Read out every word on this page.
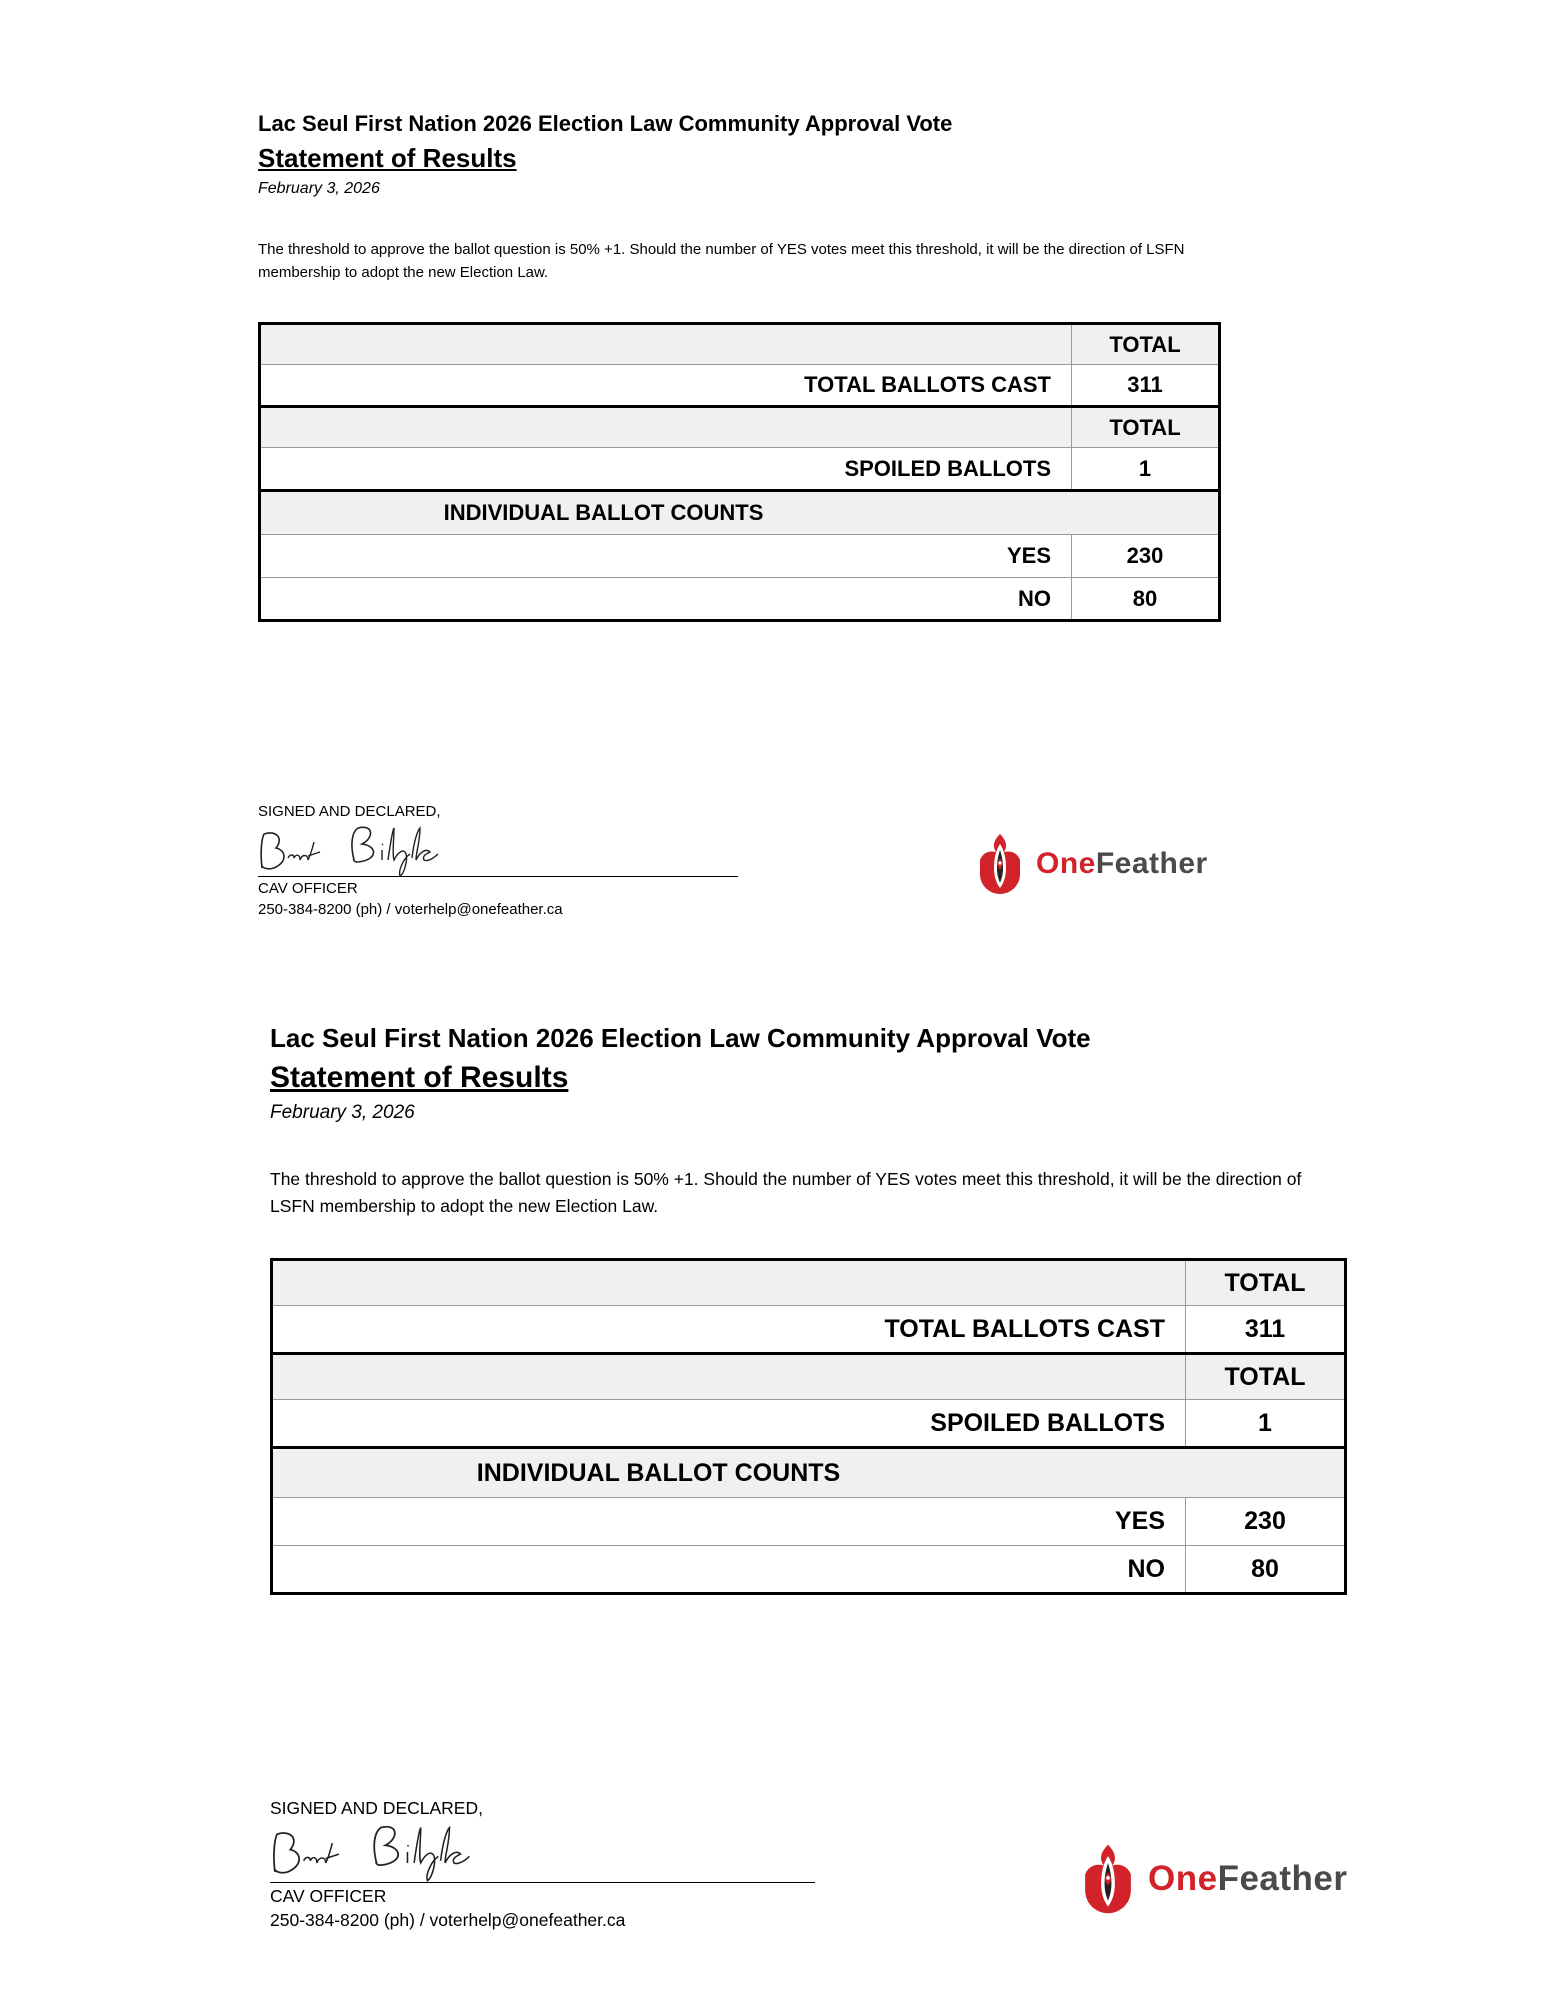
Lac Seul First Nation 2026 Election Law Community Approval Vote
Statement of Results
February 3, 2026
The threshold to approve the ballot question is 50% +1. Should the number of YES votes meet this threshold, it will be the direction of LSFN membership to adopt the new Election Law.
	TOTAL
TOTAL BALLOTS CAST	311
	TOTAL
SPOILED BALLOTS	1
INDIVIDUAL BALLOT COUNTS	
YES	230
NO	80
SIGNED AND DECLARED,
CAV OFFICER
250-384-8200 (ph) / voterhelp@onefeather.ca
OneFeather
Lac Seul First Nation 2026 Election Law Community Approval Vote
Statement of Results
February 3, 2026
The threshold to approve the ballot question is 50% +1. Should the number of YES votes meet this threshold, it will be the direction of LSFN membership to adopt the new Election Law.
	TOTAL
TOTAL BALLOTS CAST	311
	TOTAL
SPOILED BALLOTS	1
INDIVIDUAL BALLOT COUNTS	
YES	230
NO	80
SIGNED AND DECLARED,
CAV OFFICER
250-384-8200 (ph) / voterhelp@onefeather.ca
OneFeather
